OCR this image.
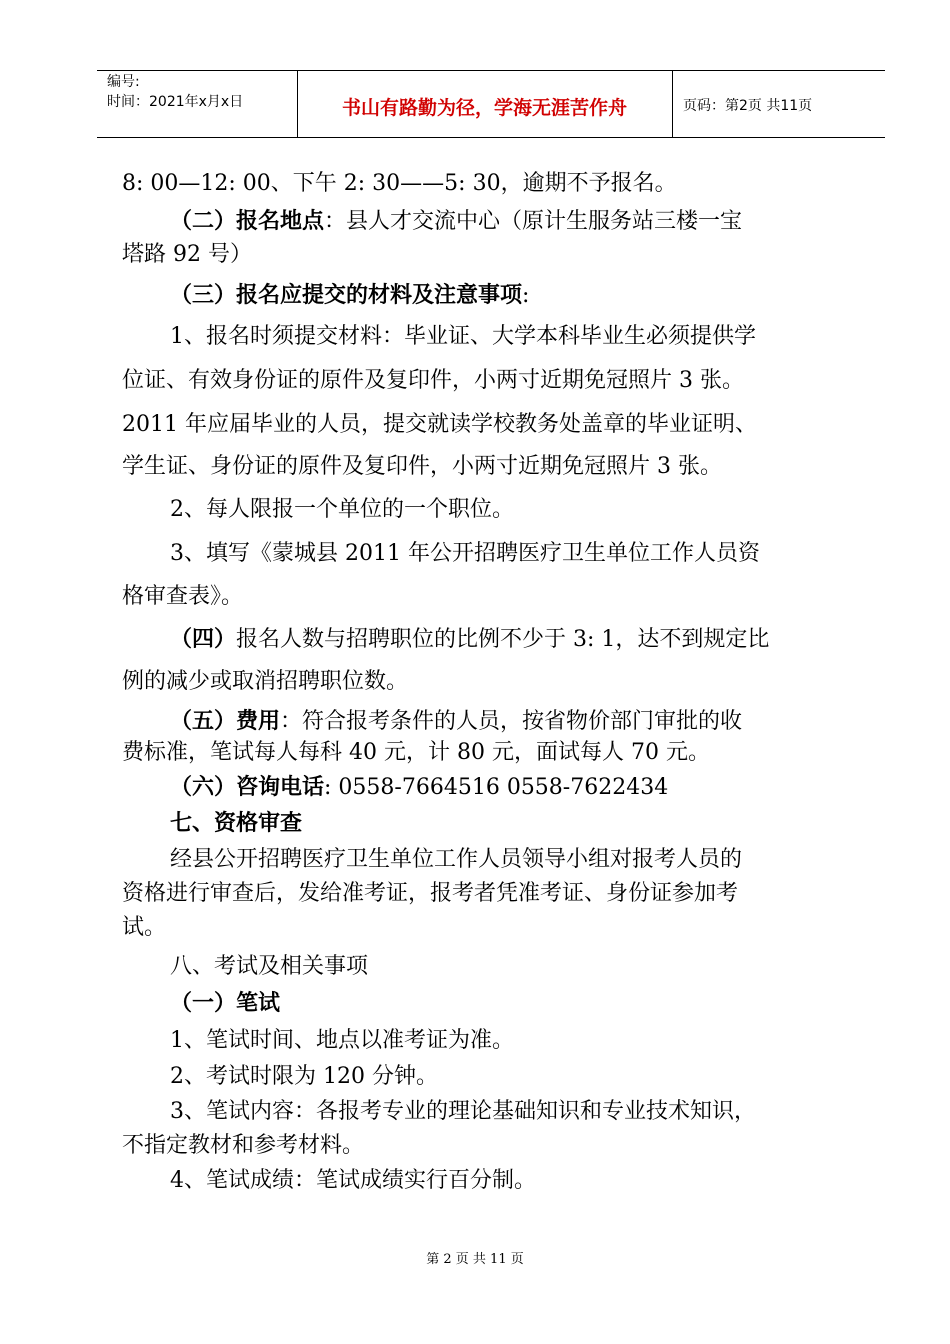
编号:
时间：2021年x月x日	书山有路勤为径，学海无涯苦作舟	页码：第2页 共11页
8: 00—12: 00、下午 2: 30——5: 30，逾期不予报名。
（二）报名地点：县人才交流中心（原计生服务站三楼一宝
塔路 92 号）
（三）报名应提交的材料及注意事项:
1、报名时须提交材料：毕业证、大学本科毕业生必须提供学
位证、有效身份证的原件及复印件，小两寸近期免冠照片 3 张。
2011 年应届毕业的人员，提交就读学校教务处盖章的毕业证明、
学生证、身份证的原件及复印件，小两寸近期免冠照片 3 张。
2、每人限报一个单位的一个职位。
3、填写《蒙城县 2011 年公开招聘医疗卫生单位工作人员资
格审查表》。
（四）报名人数与招聘职位的比例不少于 3: 1，达不到规定比
例的减少或取消招聘职位数。
（五）费用：符合报考条件的人员，按省物价部门审批的收
费标准，笔试每人每科 40 元，计 80 元，面试每人 70 元。
（六）咨询电话: 0558-7664516 0558-7622434
七、资格审查
经县公开招聘医疗卫生单位工作人员领导小组对报考人员的
资格进行审查后，发给准考证，报考者凭准考证、身份证参加考
试。
八、考试及相关事项
（一）笔试
1、笔试时间、地点以准考证为准。
2、考试时限为 120 分钟。
3、笔试内容：各报考专业的理论基础知识和专业技术知识，
不指定教材和参考材料。
4、笔试成绩：笔试成绩实行百分制。
第 2 页 共 11 页
